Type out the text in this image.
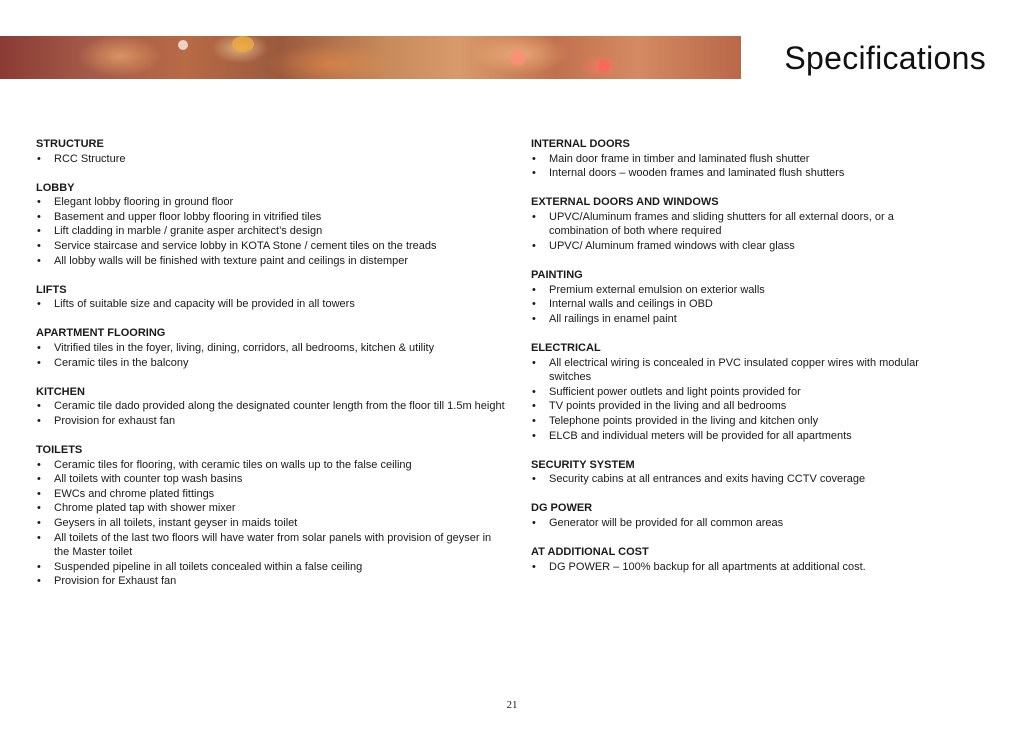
Specifications
STRUCTURE
• RCC Structure
LOBBY
• Elegant lobby flooring in ground floor
• Basement and upper floor lobby flooring in vitrified tiles
• Lift cladding in marble / granite asper architect’s design
• Service staircase and service lobby in KOTA Stone / cement tiles on the treads
• All lobby walls will be finished with texture paint and ceilings in distemper
LIFTS
• Lifts of suitable size and capacity will be provided in all towers
APARTMENT FLOORING
• Vitrified tiles in the foyer, living, dining, corridors, all bedrooms, kitchen & utility
• Ceramic tiles in the balcony
KITCHEN
• Ceramic tile dado provided along the designated counter length from the floor till 1.5m height
• Provision for exhaust fan
TOILETS
• Ceramic tiles for flooring, with ceramic tiles on walls up to the false ceiling
• All toilets with counter top wash basins
• EWCs and chrome plated fittings
• Chrome plated tap with shower mixer
• Geysers in all toilets, instant geyser in maids toilet
• All toilets of the last two floors will have water from solar panels with provision of geyser in the Master toilet
• Suspended pipeline in all toilets concealed within a false ceiling
• Provision for Exhaust fan
INTERNAL DOORS
• Main door frame in timber and laminated flush shutter
• Internal doors – wooden frames and laminated flush shutters
EXTERNAL DOORS AND WINDOWS
• UPVC/Aluminum frames and sliding shutters for all external doors, or a combination of both where required
• UPVC/ Aluminum framed windows with clear glass
PAINTING
• Premium external emulsion on exterior walls
• Internal walls and ceilings in OBD
• All railings in enamel paint
ELECTRICAL
• All electrical wiring is concealed in PVC insulated copper wires with modular switches
• Sufficient power outlets and light points provided for
• TV points provided in the living and all bedrooms
• Telephone points provided in the living and kitchen only
• ELCB and individual meters will be provided for all apartments
SECURITY SYSTEM
• Security cabins at all entrances and exits having CCTV coverage
DG POWER
• Generator will be provided for all common areas
AT ADDITIONAL COST
• DG POWER – 100% backup for all apartments at additional cost.
21
